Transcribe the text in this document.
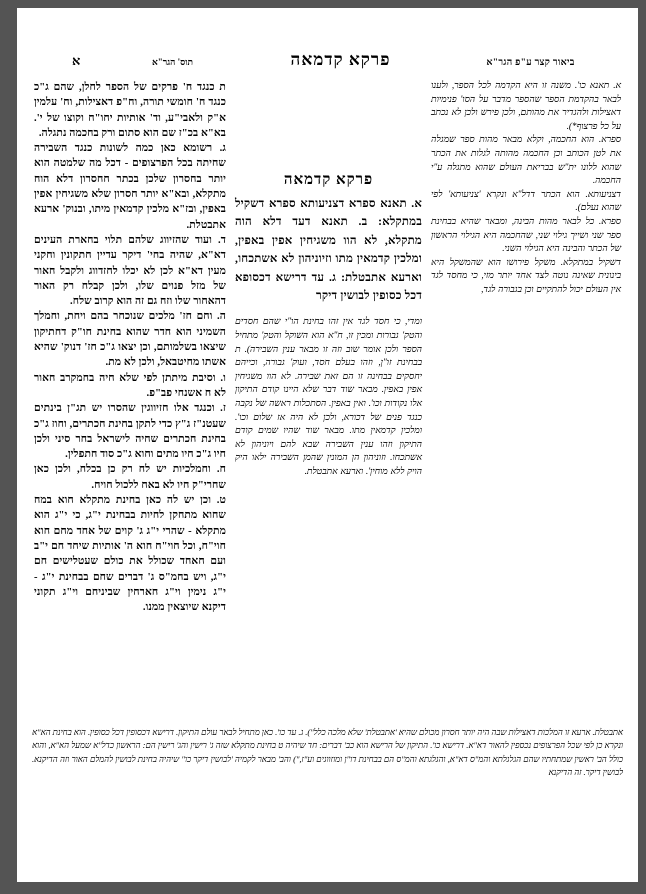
ביאור קצר ע"פ הגר"א
פרקא קדמאה
תוס' הגר"א
א

א. תאנא כו'. משנה זו היא הקדמה לכל הספר, ולענו לבאר בהקדמת הספר שהספר מדבר על הסו' פנימיות דאצילות ולהגדיר את מהותם, ולכן פירש ולכן לא נכתב על כל פרצוף*).

ספרא. הוא החכמה, וקלא מבאר מהות ספר שמגלה את לטן הכותב וכן החכמה מהותה לגלות את הכתר שהוא ללונו ית"ש בבריאת העולם שהוא מתגלה ע"י החכמה.

דצניעותא. הוא הכתר דדל"א ונקרא 'צניעותא' לפי שהוא נעלם).

ספרא. כל לבאר מהות הבינה, ומבאר שהיא בבחינת ספר שני ושייך גילוי שני, שהחכמה היא הגילוי הראשון של הכתר והבינה היא הגילוי השני.

דשקיל במתקלא. משקל פירושו הוא שהמשקל היא בינונית שאינה נוטה לצד אחד יותר מזי, כי מחסד לגד אין העולם יכול להתקיים וכן בגבורה לגד,

פרקא קדמאה
א. תאנא ספרא דצניעותא ספרא דשקיל במתקלא: ב. תאנא דעד דלא הוה מתקלא, לא הוו משגיחין אפין באפין, ומלכין קדמאין מתו וזיוניהון לא אשתכחו, וארעא אתבטלת: ג. עד דרישא דכסופא דכל כסופין לבושין דיקר
ומדי, כי חסד לגד אין זהו בחינת הו"י שהם חסדים והטק' גבורות ומכין זו, ח"א הוא השוקל והטק' מתחיל הספר ולכן אומר שוב וזה זו מבאר ענין השבירה). ת בבחינת זו"ן, וזהו בעלם חסד, ועוק' גבורה, וכייהם יחסקים בבחינה זו הם זאת שבירה. לא הוו משגיחין אפין באפין. מבאר שוד דבר שלא היינו קודם התיקון אלו נקודות וכו'. ואין באפין. הסתכלות ראשה של נקבה כנגד פנים של דכורא, ולכן לא היה אז שלום וכו'. ומלכין קדמאין מתו. מבאר שוד שהיו שמים קודם התיקון וזהו ענין השבירה שבא להם ויוניהון לא אשתכחו. וזוניהון הן המונין שהמן השבירה ילאו היק הויק ללא מוחין'. וארעא אתבטלת.

ת כנגד ח' פרקים של הספר לחלן, שהם ג"כ כנגד ח' חומשי תורה, וח"פ דאצילות, וח' עלמין א"ק ולאבי"ע, וד' אותיות יחו"ח וקוצו של י'. בא"א בכ"ז שם הוא סתום ורק בחכמה נתגלה.

ג. רשומא כאן כמה לשונות כנגד השבירה שחיתה בכל הפרצופים - דכל מה שלמטה הוא יותר בחסרון שלכן בכתר חחסרון דלא הוח מתקלא, ובא"א יותר חסרון שלא משגיחין אפין באפין, ובז"א מלכין קדמאין מיתו, ובנוק' ארעא אתבטלת.

ד. ועוד שהזיווג שלהם תלוי בחארת העינים דא"א, שהיה בחי' דיקר עדיין חתקונין וחקני מעין דא"א לכן לא יכלו לחזדווג ולקבל חאור של מזל פנוים שלו, ולכן קבלח רק האור דהאחור שלו וזח גם זה הוא קרוב שלח.

ה. וחם חז' מלכים שנוכחר בהם ויחת, וחמלך השמיני הוא חדר שהוא בחינת חו"ק דחתיקון שיצאו בשלמותם, וכן יצאו ג"כ חז' דנוק' שהיא אשתו מחיטבאל, ולכן לא מת.

ו. וסיבת מיתתן לפי שלא חיה בחמקרב חאור לא ח אשנחי פב"פ.

ז. וכנגד אלו חזיווגין שהסרו יש תג"ן בינתים שעטנ"ז ג"ץ כדי לתקן בחינת חכתרים, וחוז ג"כ בחינת חכתרים שחיה לישראל בחר סיני ולכן חיו ג"כ חיו מתים וחוא ג"כ סוד חתפלין.

ח. וחמלכיות יש לח רק כן בכלח, ולכן כאן שחרי"ק חיו לא באח ללכול חויח.

ט. וכן יש לה כאן בחינת מתקלא חוא במח שחוא מתחקן לחיות בבחינת י"ג, כי י"ג הוא מתקלא - שהרי י"ג ג' קוים של אחד מחם חוא חוי"ח, וכל חוי"ח חוא ה' אותיות שיחד חם י"ב ועם חאחד שכולל את כולם שעטלישים חם י"ג, ויש בחמ"ס ג' דברים שחם בבחינת י"ג - י"ג נימין וי"ג חארחין שביניחם וי"ג תקוני דיקנא שיוצאין ממנו.

אתבטלת. ארעא זו המלכות דאצילות שבה היה יותר חסרון מכולם שהיא 'אתבטלת' שלא מלכה כלל"). ג. עד כו'. כאן מתחיל לבאר עולם התיקון. דרישא דכסופין דכל כסופין. הוא בחינת הא"א ונקרא כן לפי שכל הפרצופים נכספין להאור דא"א. דרישא כו'. התיקון של הרישא הוא כב' דברים: חד שיהיה ט בחינת מתקלא שזה ג' רישין והג' רישין הם: הראשון כדל"א שמעל הא"א, והוא כולל הב' ראשין שמתחתיו שהם הגלגלתא והמ"ס דא"א, והגלגתא והמ"ס הם בבחינת דו"ן ומוזווגים וע"ז,") והב' מבאר לקמיה 'לבושין דיקר כו'' שיהיה בחינת לבושין להמלם האור וזה הדיקנא. לבושין דיקר. זה הדיקנא
